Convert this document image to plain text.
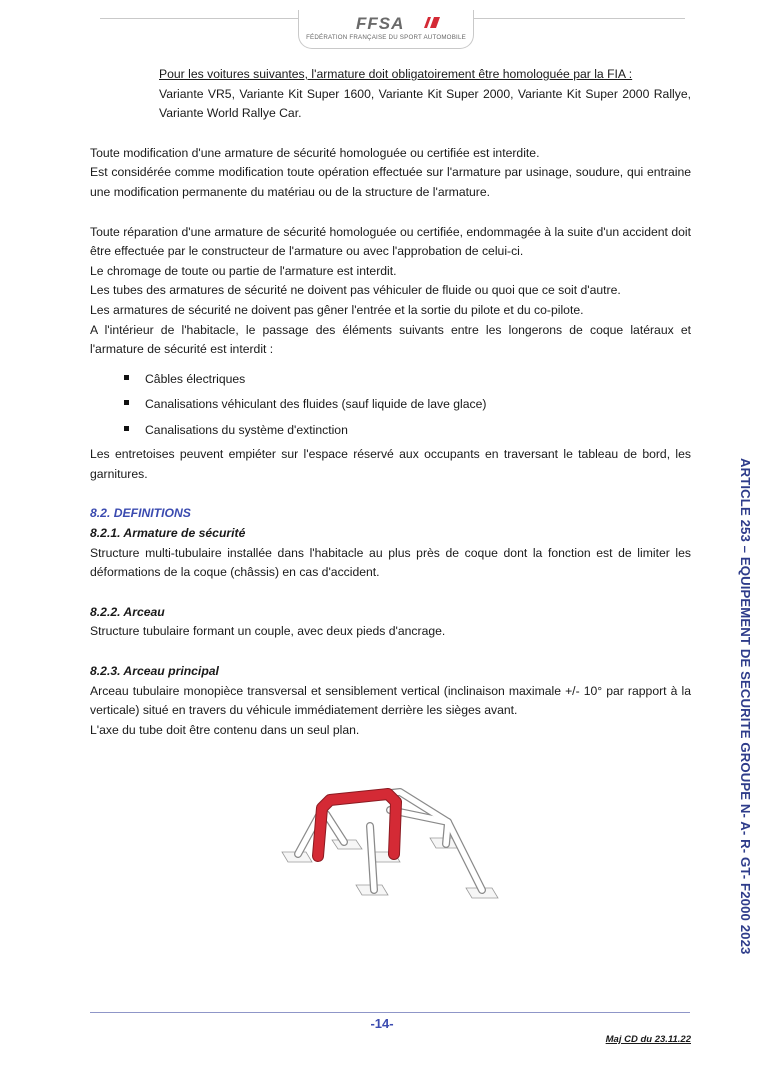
FFSA
FÉDÉRATION FRANÇAISE DU SPORT AUTOMOBILE

Pour les voitures suivantes, l'armature doit obligatoirement être homologuée par la FIA :
Variante VR5, Variante Kit Super 1600, Variante Kit Super 2000, Variante Kit Super 2000 Rallye, Variante World Rallye Car.

Toute modification d'une armature de sécurité homologuée ou certifiée est interdite.

Est considérée comme modification toute opération effectuée sur l'armature par usinage, soudure, qui entraine une modification permanente du matériau ou de la structure de l'armature.

Toute réparation d'une armature de sécurité homologuée ou certifiée, endommagée à la suite d'un accident doit être effectuée par le constructeur de l'armature ou avec l'approbation de celui-ci.

Le chromage de toute ou partie de l'armature est interdit.

Les tubes des armatures de sécurité ne doivent pas véhiculer de fluide ou quoi que ce soit d'autre.

Les armatures de sécurité ne doivent pas gêner l'entrée et la sortie du pilote et du co-pilote.

A l'intérieur de l'habitacle, le passage des éléments suivants entre les longerons de coque latéraux et l'armature de sécurité est interdit :

Câbles électriques
Canalisations véhiculant des fluides (sauf liquide de lave glace)
Canalisations du système d'extinction

Les entretoises peuvent empiéter sur l'espace réservé aux occupants en traversant le tableau de bord, les garnitures.

8.2. DEFINITIONS

8.2.1. Armature de sécurité

Structure multi-tubulaire installée dans l'habitacle au plus près de coque dont la fonction est de limiter les déformations de la coque (châssis) en cas d'accident.

8.2.2. Arceau

Structure tubulaire formant un couple, avec deux pieds d'ancrage.

8.2.3. Arceau principal

Arceau tubulaire monopièce transversal et sensiblement vertical (inclinaison maximale +/- 10° par rapport à la verticale) situé en travers du véhicule immédiatement derrière les sièges avant.

L'axe du tube doit être contenu dans un seul plan.	ARTICLE 253 – EQUIPEMENT DE SECURITE GROUPE N- A- R- GT- F2000 2023
-14-
Maj CD du 23.11.22
